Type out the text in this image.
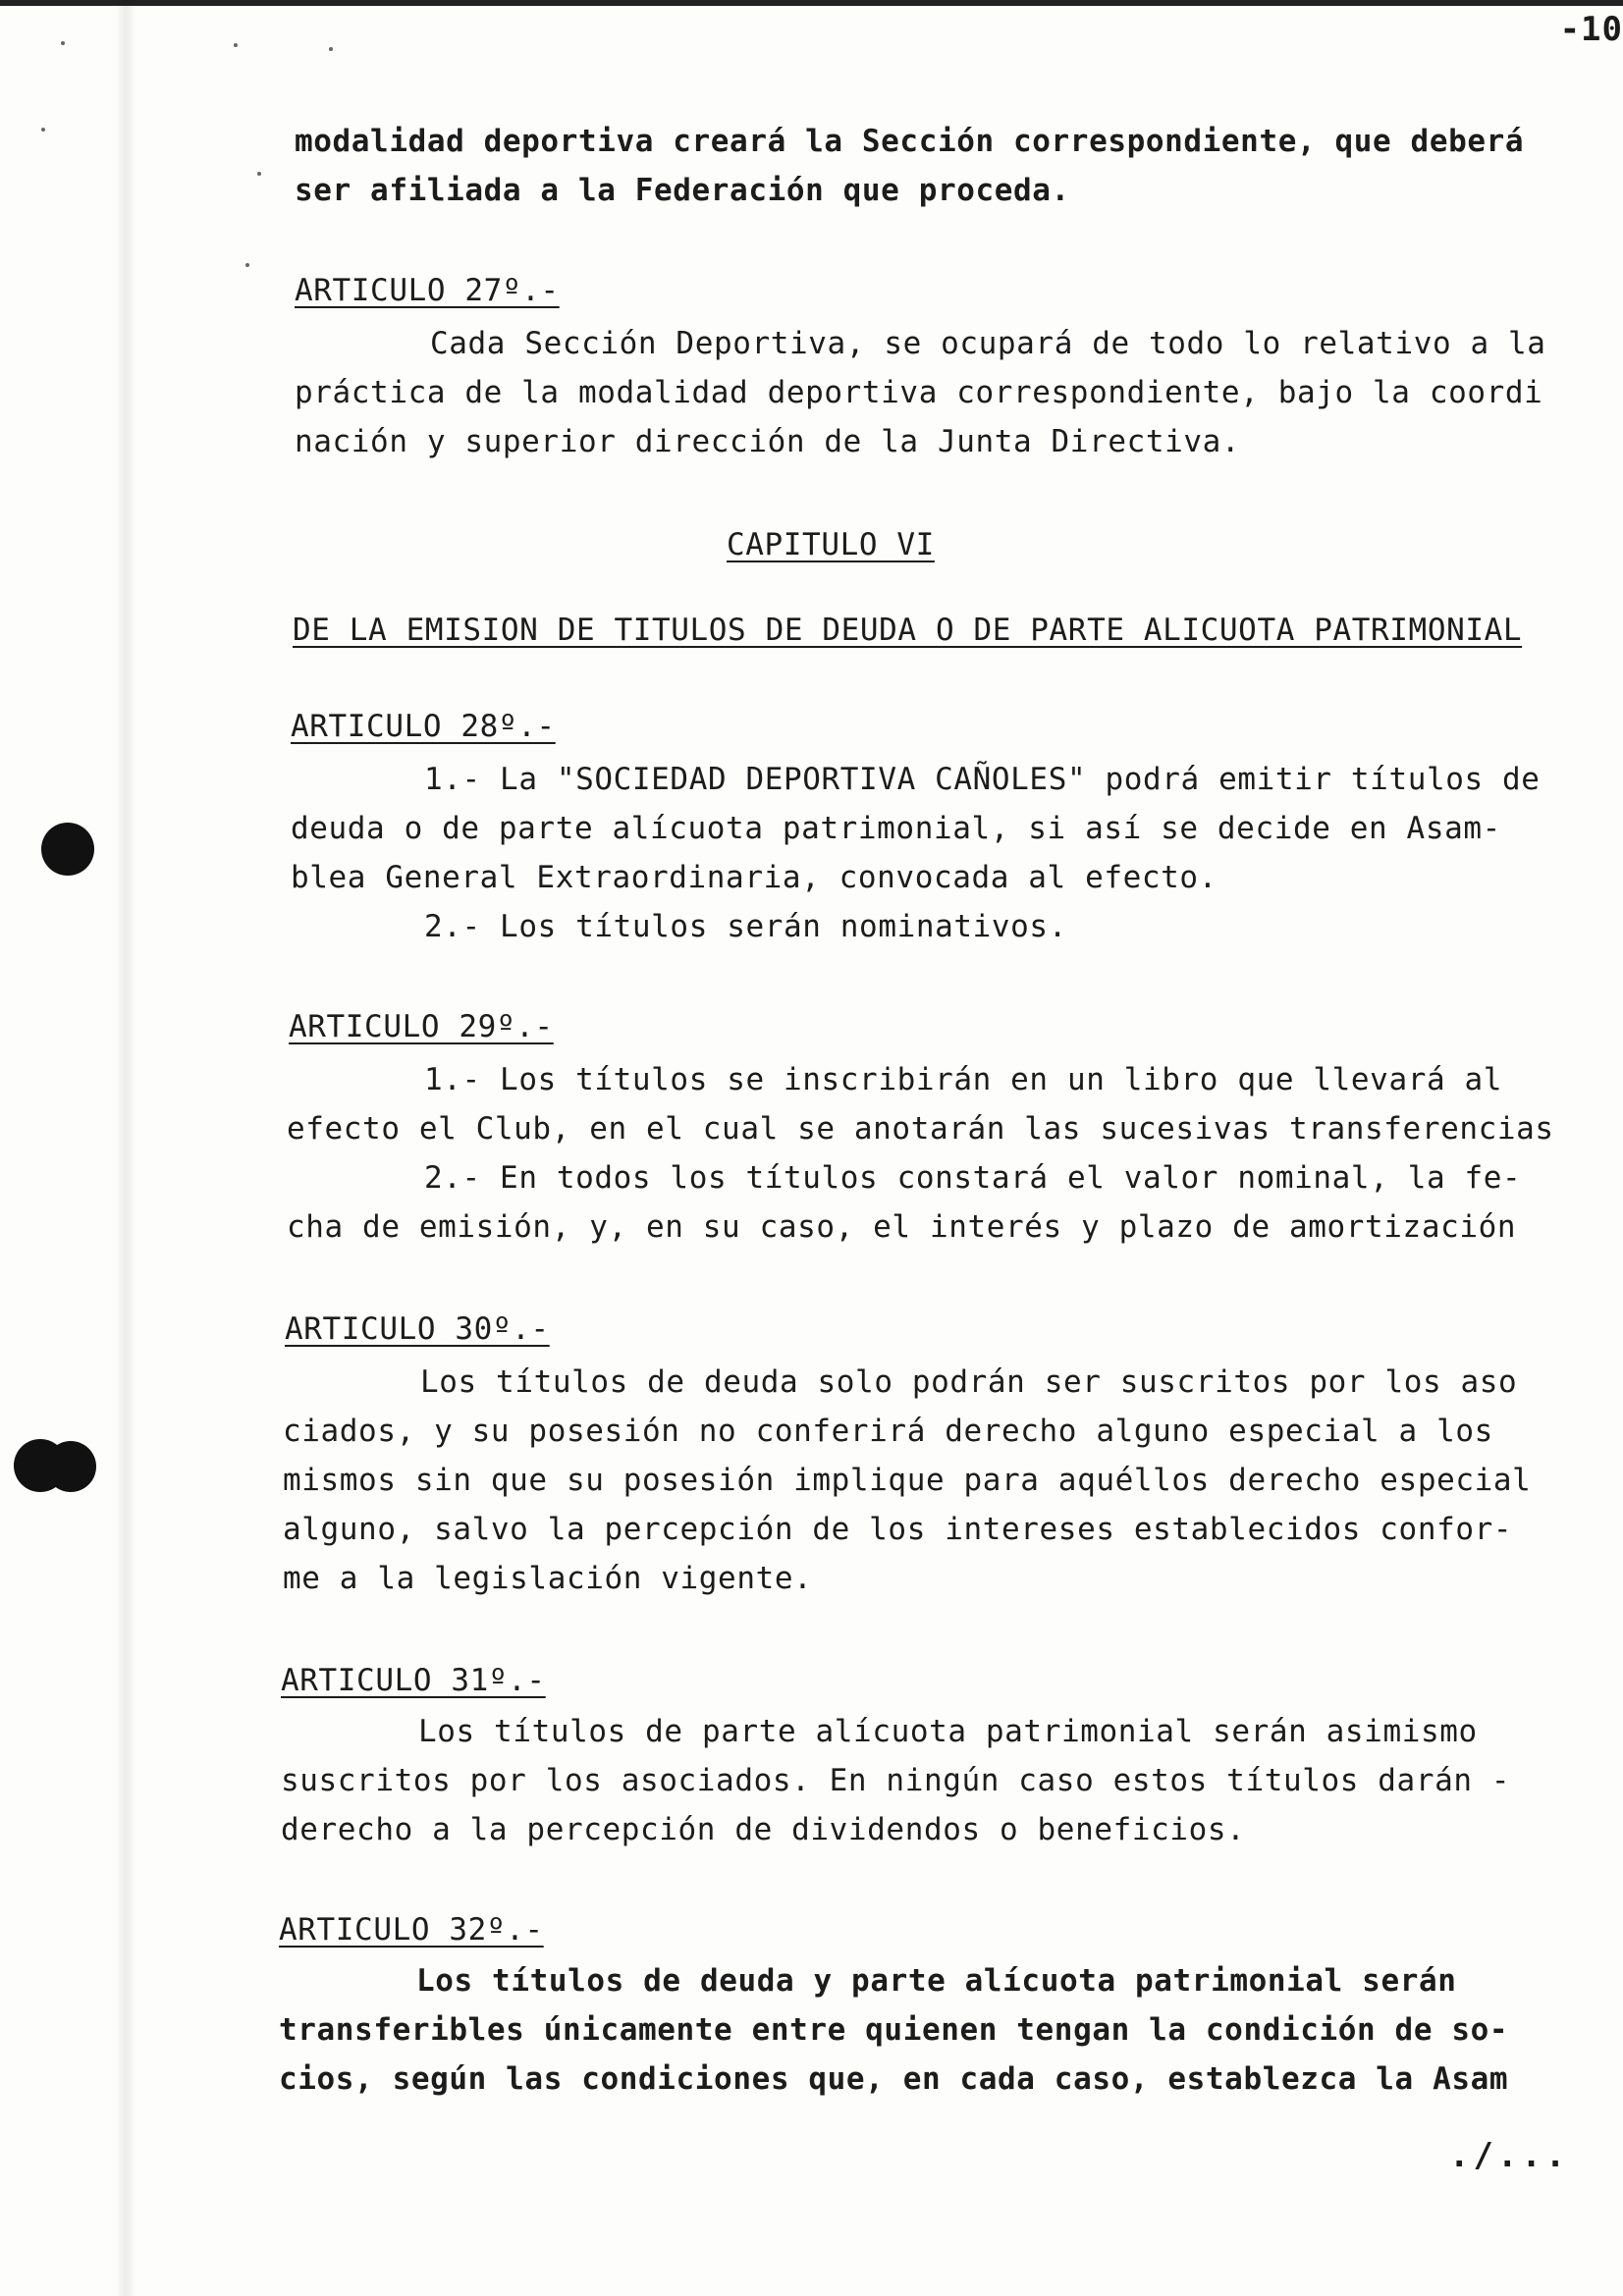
-10
modalidad deportiva creará la Sección correspondiente, que deberá
ser afiliada a la Federación que proceda.
ARTICULO 27º.-
Cada Sección Deportiva, se ocupará de todo lo relativo a la
práctica de la modalidad deportiva correspondiente, bajo la coordi
nación y superior dirección de la Junta Directiva.
CAPITULO VI
DE LA EMISION DE TITULOS DE DEUDA O DE PARTE ALICUOTA PATRIMONIAL
ARTICULO 28º.-
1.- La "SOCIEDAD DEPORTIVA CAÑOLES" podrá emitir títulos de
deuda o de parte alícuota patrimonial, si así se decide en Asam-
blea General Extraordinaria, convocada al efecto.
2.- Los títulos serán nominativos.
ARTICULO 29º.-
1.- Los títulos se inscribirán en un libro que llevará al
efecto el Club, en el cual se anotarán las sucesivas transferencias
2.- En todos los títulos constará el valor nominal, la fe-
cha de emisión, y, en su caso, el interés y plazo de amortización
ARTICULO 30º.-
Los títulos de deuda solo podrán ser suscritos por los aso
ciados, y su posesión no conferirá derecho alguno especial a los
mismos sin que su posesión implique para aquéllos derecho especial
alguno, salvo la percepción de los intereses establecidos confor-
me a la legislación vigente.
ARTICULO 31º.-
Los títulos de parte alícuota patrimonial serán asimismo
suscritos por los asociados. En ningún caso estos títulos darán -
derecho a la percepción de dividendos o beneficios.
ARTICULO 32º.-
Los títulos de deuda y parte alícuota patrimonial serán
transferibles únicamente entre quienen tengan la condición de so-
cios, según las condiciones que, en cada caso, establezca la Asam
./...
